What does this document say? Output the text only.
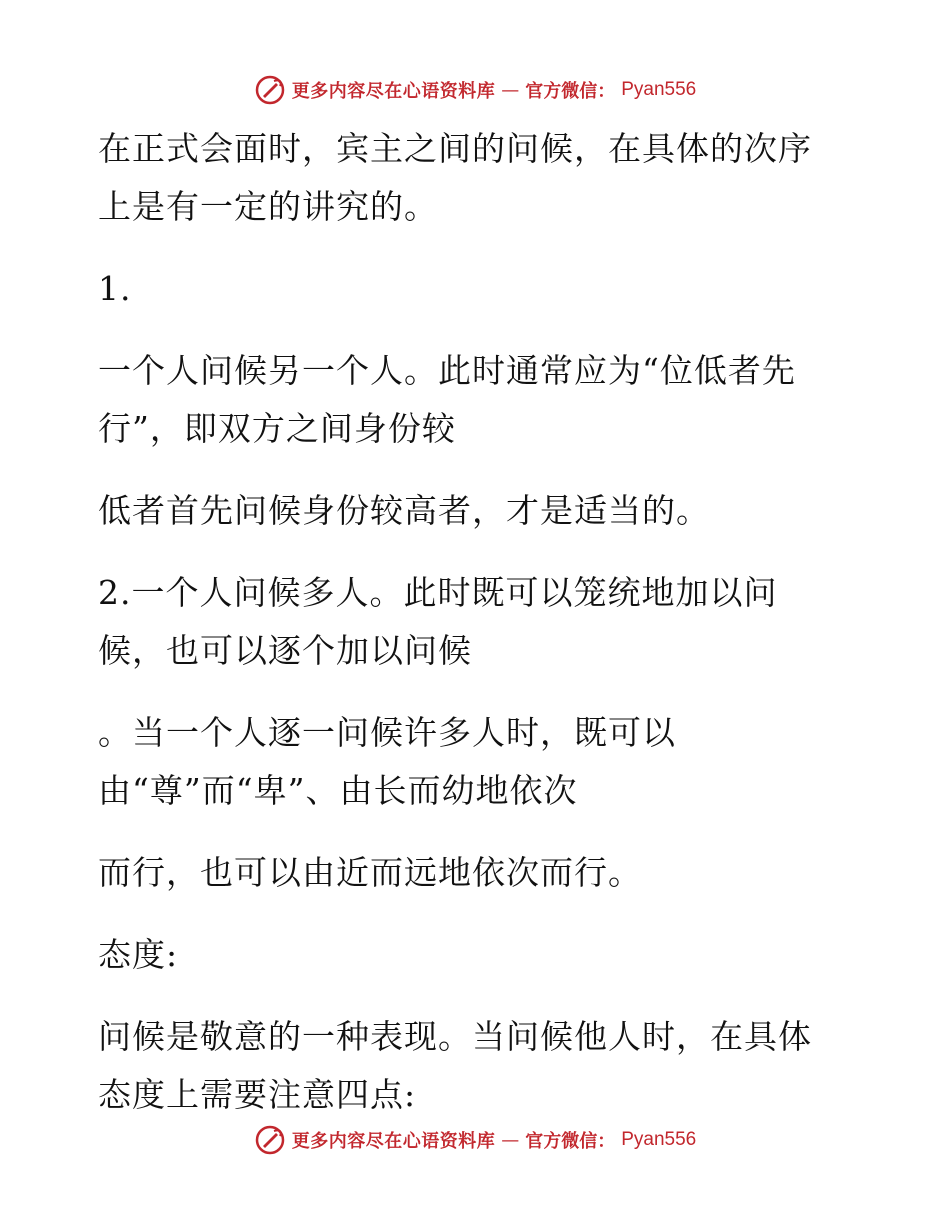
更多内容尽在心语资料库 — 官方微信： Pyan556
在正式会面时，宾主之间的问候，在具体的次序
上是有一定的讲究的。
1.
一个人问候另一个人。此时通常应为“位低者先
行”，即双方之间身份较
低者首先问候身份较高者，才是适当的。
2.一个人问候多人。此时既可以笼统地加以问
候，也可以逐个加以问候
。当一个人逐一问候许多人时，既可以
由“尊”而“卑”、由长而幼地依次
而行，也可以由近而远地依次而行。
态度:
问候是敬意的一种表现。当问候他人时，在具体
态度上需要注意四点:
更多内容尽在心语资料库 — 官方微信： Pyan556
